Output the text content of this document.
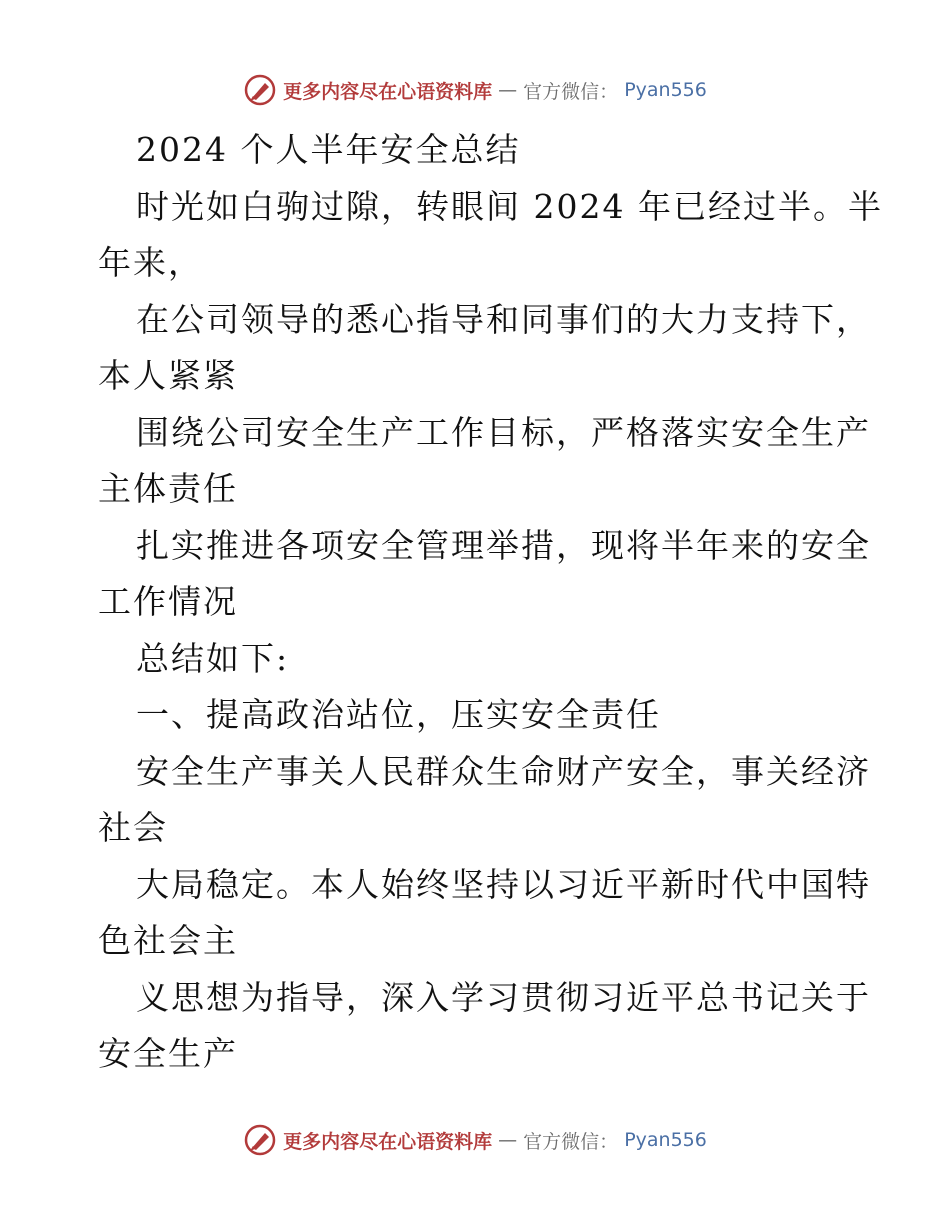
更多内容尽在心语资料库 — 官方微信： Pyan556
2024 个人半年安全总结
时光如白驹过隙，转眼间 2024 年已经过半。半
年来，
在公司领导的悉心指导和同事们的大力支持下，
本人紧紧
围绕公司安全生产工作目标，严格落实安全生产
主体责任
扎实推进各项安全管理举措，现将半年来的安全
工作情况
总结如下:
一、提高政治站位，压实安全责任
安全生产事关人民群众生命财产安全，事关经济
社会
大局稳定。本人始终坚持以习近平新时代中国特
色社会主
义思想为指导，深入学习贯彻习近平总书记关于
安全生产
更多内容尽在心语资料库 — 官方微信： Pyan556
